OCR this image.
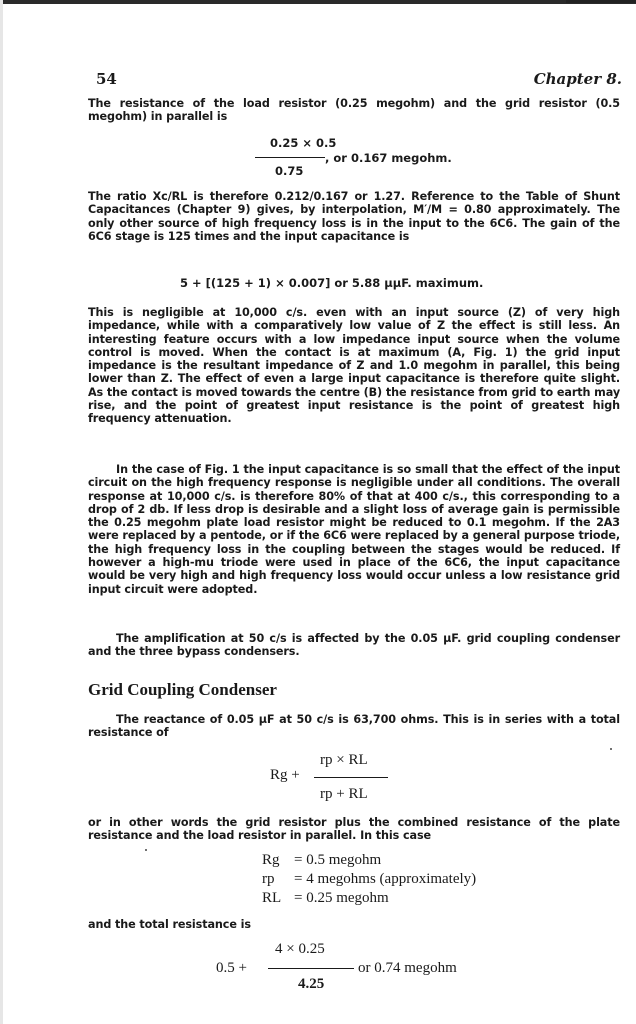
54	Chapter 8.
The resistance of the load resistor (0.25 megohm) and the grid resistor (0.5 megohm) in parallel is
0.25 × 0.5
, or 0.167 megohm.
0.75
The ratio Xc/RL is therefore 0.212/0.167 or 1.27. Reference to the Table of Shunt Capacitances (Chapter 9) gives, by interpolation, M′/M = 0.80 approximately. The only other source of high frequency loss is in the input to the 6C6. The gain of the 6C6 stage is 125 times and the input capacitance is
5 + [(125 + 1) × 0.007] or 5.88 μμF. maximum.
This is negligible at 10,000 c/s. even with an input source (Z) of very high impedance, while with a comparatively low value of Z the effect is still less. An interesting feature occurs with a low impedance input source when the volume control is moved. When the contact is at maximum (A, Fig. 1) the grid input impedance is the resultant impedance of Z and 1.0 megohm in parallel, this being lower than Z. The effect of even a large input capacitance is therefore quite slight. As the contact is moved towards the centre (B) the resistance from grid to earth may rise, and the point of greatest input resistance is the point of greatest high frequency attenuation.
In the case of Fig. 1 the input capacitance is so small that the effect of the input circuit on the high frequency response is negligible under all conditions. The overall response at 10,000 c/s. is therefore 80% of that at 400 c/s., this corresponding to a drop of 2 db. If less drop is desirable and a slight loss of average gain is permissible the 0.25 megohm plate load resistor might be reduced to 0.1 megohm. If the 2A3 were replaced by a pentode, or if the 6C6 were replaced by a general purpose triode, the high frequency loss in the coupling between the stages would be reduced. If however a high-mu triode were used in place of the 6C6, the input capacitance would be very high and high frequency loss would occur unless a low resistance grid input circuit were adopted.
The amplification at 50 c/s is affected by the 0.05 μF. grid coupling condenser and the three bypass condensers.
Grid Coupling Condenser
The reactance of 0.05 μF at 50 c/s is 63,700 ohms. This is in series with a total resistance of
Rg +
rp × RL
rp + RL
or in other words the grid resistor plus the combined resistance of the plate resistance and the load resistor in parallel. In this case
Rg = 0.5 megohm
rp = 4 megohms (approximately)
RL = 0.25 megohm
and the total resistance is
0.5 +
4 × 0.25
or 0.74 megohm
4.25
